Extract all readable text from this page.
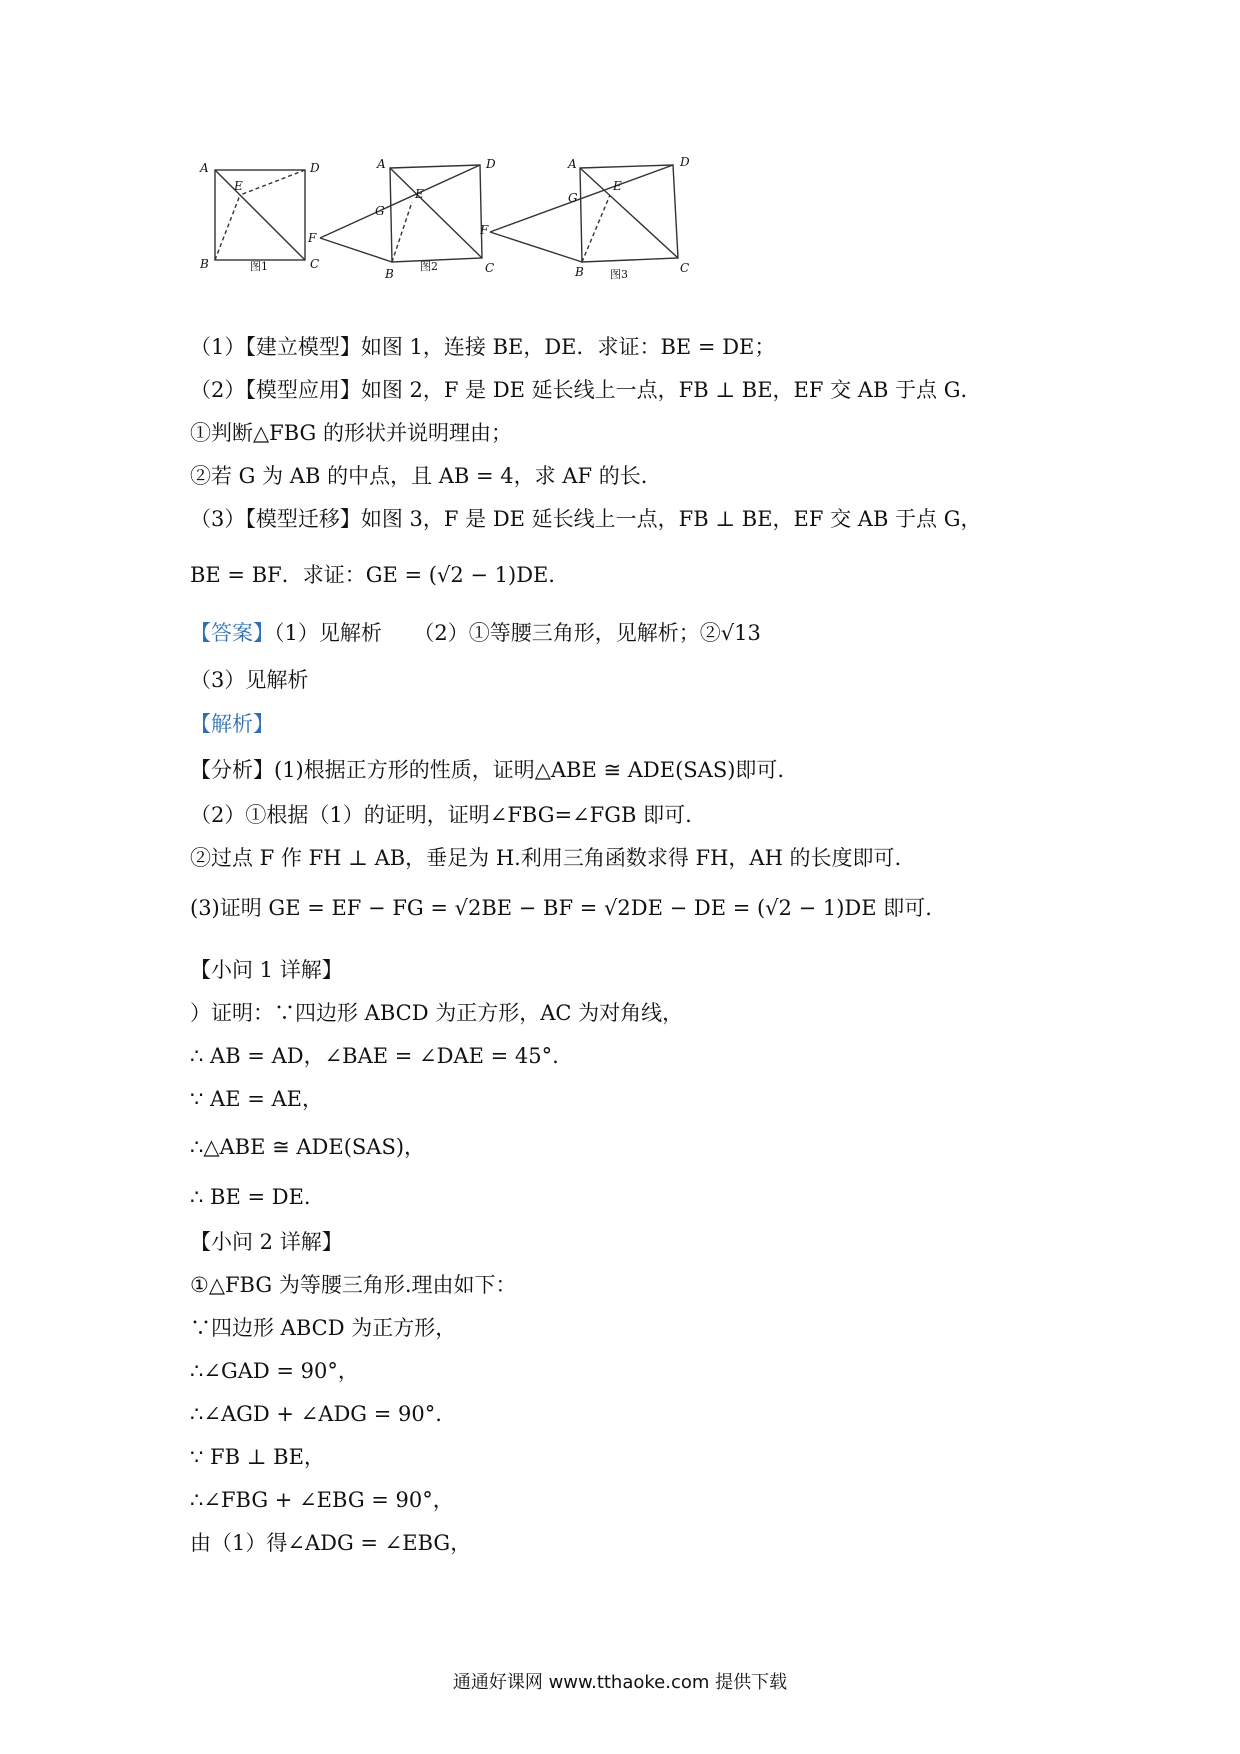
A	D
B	C
E
图1
A	D
F
G
E
B	C
图2
A	D
F
G
E
B	C
图3
（1）【建立模型】如图 1，连接 BE，DE．求证：BE = DE；
（2）【模型应用】如图 2，F 是 DE 延长线上一点，FB ⊥ BE，EF 交 AB 于点 G．
①判断△FBG 的形状并说明理由；
②若 G 为 AB 的中点，且 AB = 4，求 AF 的长.
（3）【模型迁移】如图 3，F 是 DE 延长线上一点，FB ⊥ BE，EF 交 AB 于点 G，
BE = BF．求证：GE = (√2 − 1)DE．
【答案】（1）见解析　　（2）①等腰三角形，见解析；②√13
（3）见解析
【解析】
【分析】(1)根据正方形的性质，证明△ABE ≅ ADE(SAS)即可.
（2）①根据（1）的证明，证明∠FBG=∠FGB 即可.
②过点 F 作 FH ⊥ AB，垂足为 H.利用三角函数求得 FH，AH 的长度即可.
(3)证明 GE = EF − FG = √2BE − BF = √2DE − DE = (√2 − 1)DE 即可.
【小问 1 详解】
）证明：∵四边形 ABCD 为正方形，AC 为对角线，
∴ AB = AD，∠BAE = ∠DAE = 45°.
∵ AE = AE，
∴△ABE ≅ ADE(SAS)，
∴ BE = DE.
【小问 2 详解】
①△FBG 为等腰三角形.理由如下：
∵四边形 ABCD 为正方形，
∴∠GAD = 90°，
∴∠AGD + ∠ADG = 90°.
∵ FB ⊥ BE，
∴∠FBG + ∠EBG = 90°，
由（1）得∠ADG = ∠EBG，
通通好课网 www.tthaoke.com 提供下载
